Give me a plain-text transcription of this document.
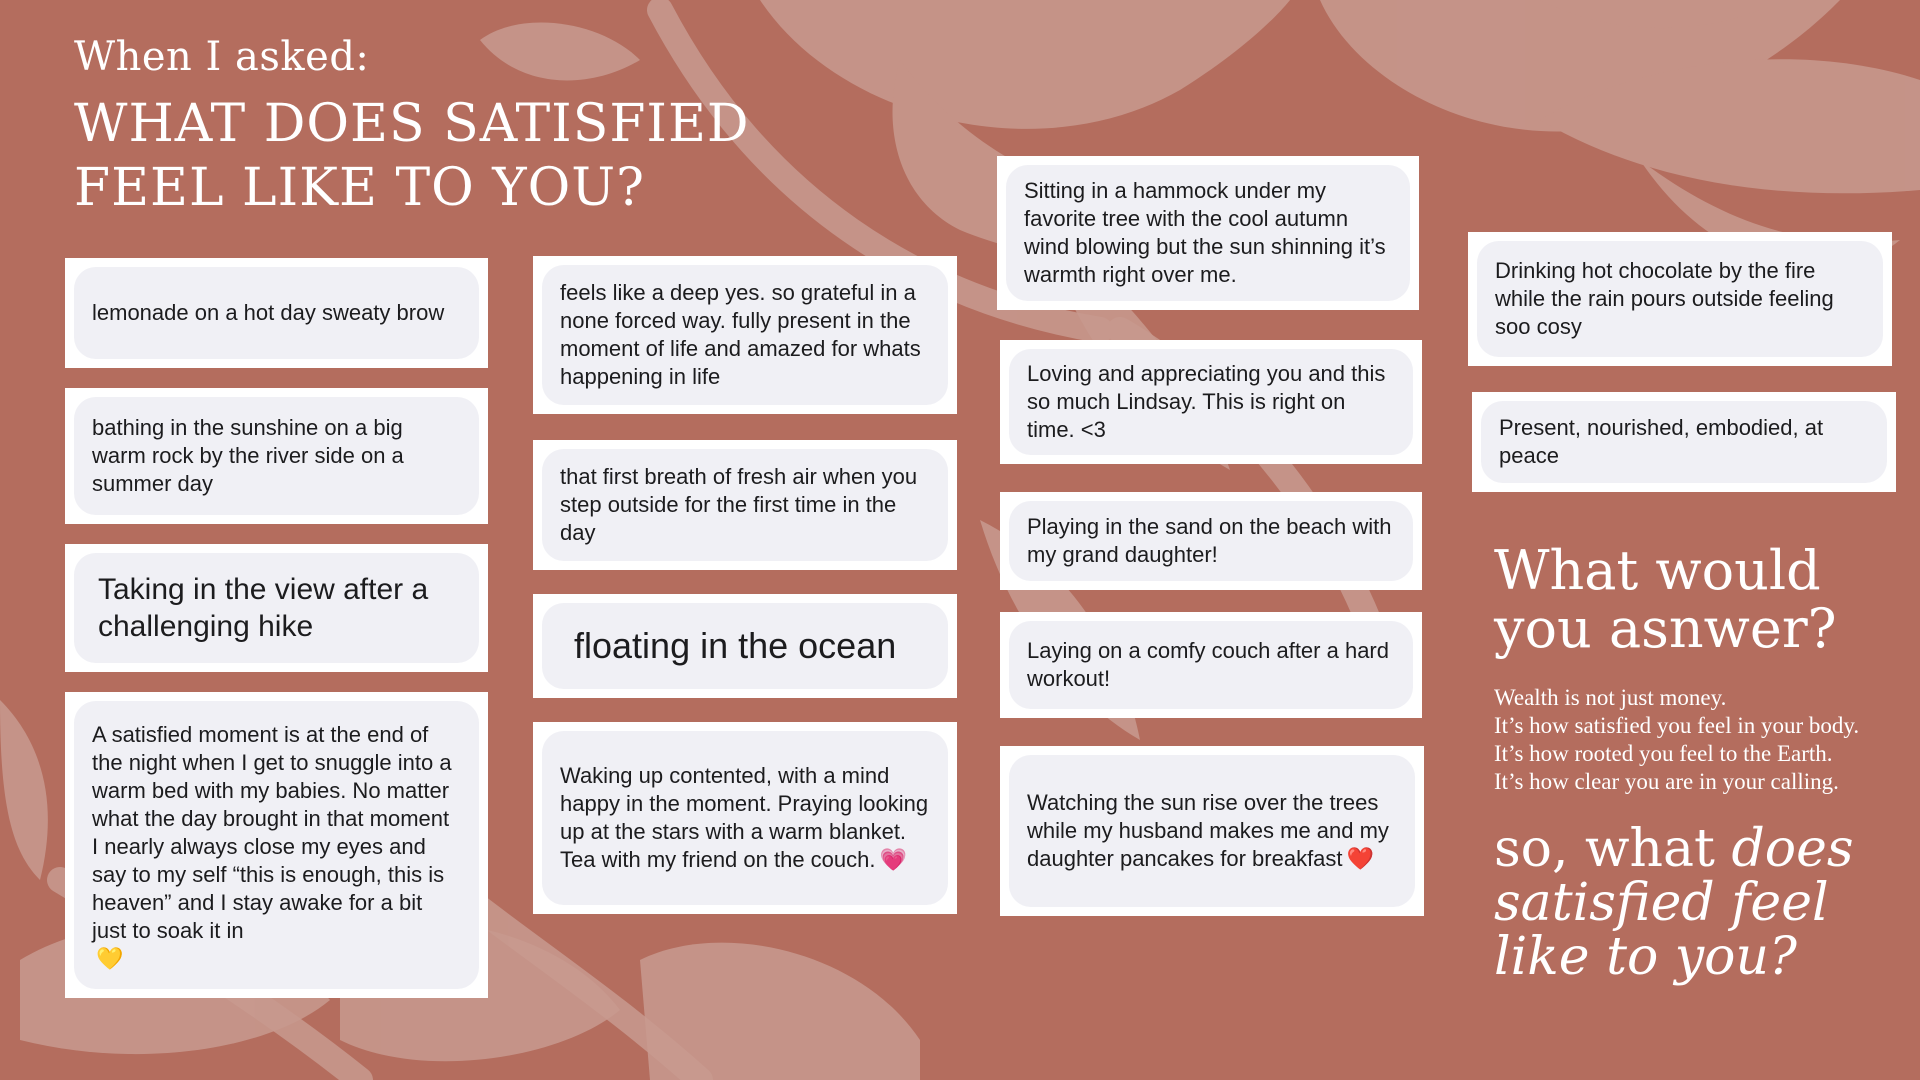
When I asked:
WHAT DOES SATISFIED FEEL LIKE TO YOU?
lemonade on a hot day sweaty brow
bathing in the sunshine on a big warm rock by the river side on a summer day
Taking in the view after a challenging hike
A satisfied moment is at the end of the night when I get to snuggle into a warm bed with my babies. No matter what the day brought in that moment I nearly always close my eyes and say to my self “this is enough, this is heaven” and I stay awake for a bit just to soak it in
💛
feels like a deep yes. so grateful in a none forced way. fully present in the moment of life and amazed for whats happening in life
that first breath of fresh air when you step outside for the first time in the day
floating in the ocean
Waking up contented, with a mind happy in the moment. Praying looking up at the stars with a warm blanket. Tea with my friend on the couch. 💗
Sitting in a hammock under my favorite tree with the cool autumn wind blowing but the sun shinning it’s warmth right over me.
Loving and appreciating you and this so much Lindsay. This is right on time. <3
Playing in the sand on the beach with my grand daughter!
Laying on a comfy couch after a hard workout!
Watching the sun rise over the trees while my husband makes me and my daughter pancakes for breakfast ❤️
Drinking hot chocolate by the fire while the rain pours outside feeling soo cosy
Present, nourished, embodied, at peace
What would you asnwer?
Wealth is not just money.
It’s how satisfied you feel in your body.
It’s how rooted you feel to the Earth.
It’s how clear you are in your calling.
so, what does satisfied feel like to you?
